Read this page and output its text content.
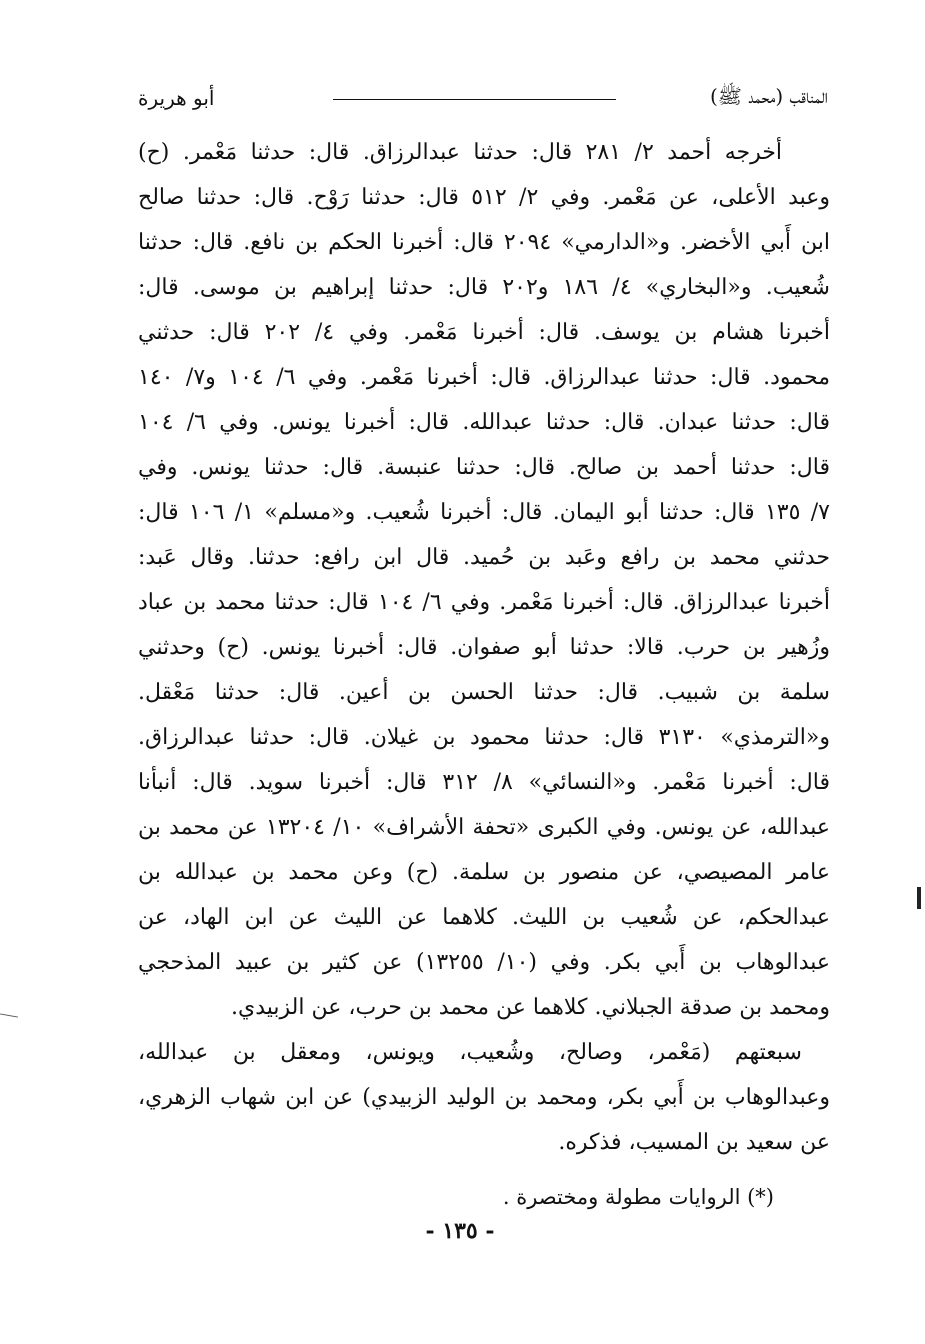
المناقب (محمد ﷺ)
أبو هريرة
أخرجه أحمد ٢/ ٢٨١ قال: حدثنا عبدالرزاق. قال: حدثنا مَعْمر. (ح)
وعبد الأعلى، عن مَعْمر. وفي ٢/ ٥١٢ قال: حدثنا رَوْح. قال: حدثنا صالح
ابن أَبي الأخضر. و«الدارمي» ٢٠٩٤ قال: أخبرنا الحكم بن نافع. قال: حدثنا
شُعيب. و«البخاري» ٤/ ١٨٦ و٢٠٢ قال: حدثنا إبراهيم بن موسى. قال:
أخبرنا هشام بن يوسف. قال: أخبرنا مَعْمر. وفي ٤/ ٢٠٢ قال: حدثني
محمود. قال: حدثنا عبدالرزاق. قال: أخبرنا مَعْمر. وفي ٦/ ١٠٤ و٧/ ١٤٠
قال: حدثنا عبدان. قال: حدثنا عبدالله. قال: أخبرنا يونس. وفي ٦/ ١٠٤
قال: حدثنا أحمد بن صالح. قال: حدثنا عنبسة. قال: حدثنا يونس. وفي
٧/ ١٣٥ قال: حدثنا أبو اليمان. قال: أخبرنا شُعيب. و«مسلم» ١/ ١٠٦ قال:
حدثني محمد بن رافع وعَبد بن حُميد. قال ابن رافع: حدثنا. وقال عَبد:
أخبرنا عبدالرزاق. قال: أخبرنا مَعْمر. وفي ٦/ ١٠٤ قال: حدثنا محمد بن عباد
وزُهير بن حرب. قالا: حدثنا أبو صفوان. قال: أخبرنا يونس. (ح) وحدثني
سلمة بن شبيب. قال: حدثنا الحسن بن أعين. قال: حدثنا مَعْقل.
و«الترمذي» ٣١٣٠ قال: حدثنا محمود بن غيلان. قال: حدثنا عبدالرزاق.
قال: أخبرنا مَعْمر. و«النسائي» ٨/ ٣١٢ قال: أخبرنا سويد. قال: أنبأنا
عبدالله، عن يونس. وفي الكبرى «تحفة الأشراف» ١٠/ ١٣٢٠٤ عن محمد بن
عامر المصيصي، عن منصور بن سلمة. (ح) وعن محمد بن عبدالله بن
عبدالحكم، عن شُعيب بن الليث. كلاهما عن الليث عن ابن الهاد، عن
عبدالوهاب بن أَبي بكر. وفي (١٠/ ١٣٢٥٥) عن كثير بن عبيد المذحجي
ومحمد بن صدقة الجبلاني. كلاهما عن محمد بن حرب، عن الزبيدي.
سبعتهم (مَعْمر، وصالح، وشُعيب، ويونس، ومعقل بن عبدالله،
وعبدالوهاب بن أَبي بكر، ومحمد بن الوليد الزبيدي) عن ابن شهاب الزهري،
عن سعيد بن المسيب، فذكره.
(*) الروايات مطولة ومختصرة .
- ١٣٥ -
